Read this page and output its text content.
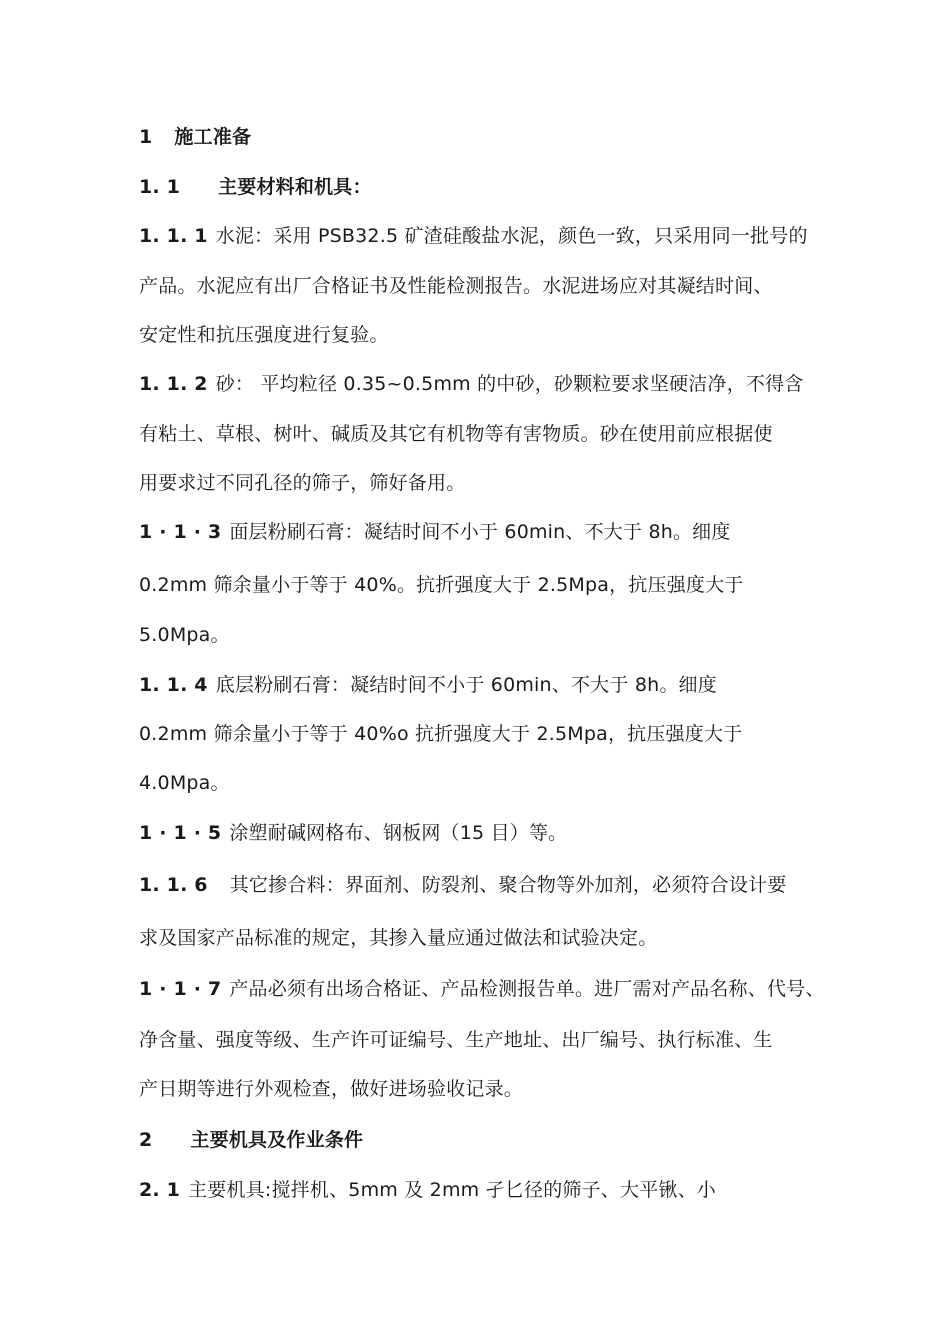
1 施工准备
1. 1 主要材料和机具：
1. 1. 1 水泥：采用 PSB32.5 矿渣硅酸盐水泥，颜色一致，只采用同一批号的
产品。水泥应有出厂合格证书及性能检测报告。水泥进场应对其凝结时间、
安定性和抗压强度进行复验。
1. 1. 2 砂： 平均粒径 0.35~0.5mm 的中砂，砂颗粒要求坚硬洁净，不得含
有粘土、草根、树叶、碱质及其它有机物等有害物质。砂在使用前应根据使
用要求过不同孔径的筛子，筛好备用。
1 · 1 · 3 面层粉刷石膏：凝结时间不小于 60min、不大于 8h。细度
0.2mm 筛余量小于等于 40%。抗折强度大于 2.5Mpa，抗压强度大于
5.0Mpa。
1. 1. 4 底层粉刷石膏：凝结时间不小于 60min、不大于 8h。细度
0.2mm 筛余量小于等于 40%o 抗折强度大于 2.5Mpa，抗压强度大于
4.0Mpa。
1 · 1 · 5 涂塑耐碱网格布、钢板网（15 目）等。
1. 1. 6 其它掺合料：界面剂、防裂剂、聚合物等外加剂，必须符合设计要
求及国家产品标准的规定，其掺入量应通过做法和试验决定。
1 · 1 · 7 产品必须有出场合格证、产品检测报告单。进厂需对产品名称、代号、
净含量、强度等级、生产许可证编号、生产地址、出厂编号、执行标准、生
产日期等进行外观检查，做好进场验收记录。
2 主要机具及作业条件
2. 1 主要机具:搅拌机、5mm 及 2mm 孑匕径的筛子、大平锹、小
